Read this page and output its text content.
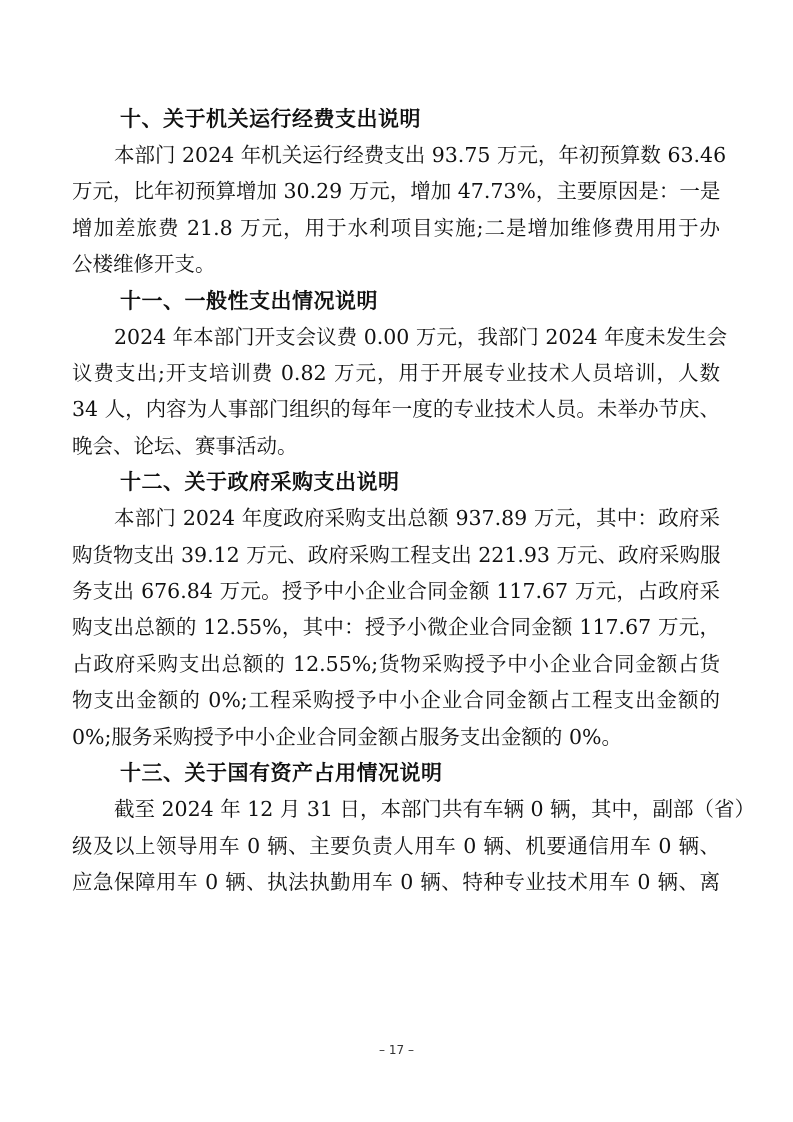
十、关于机关运行经费支出说明

本部门 2024 年机关运行经费支出 93.75 万元，年初预算数 63.46
万元，比年初预算增加 30.29 万元，增加 47.73%，主要原因是：一是
增加差旅费 21.8 万元，用于水利项目实施;二是增加维修费用用于办
公楼维修开支。

十一、一般性支出情况说明

2024 年本部门开支会议费 0.00 万元，我部门 2024 年度未发生会
议费支出;开支培训费 0.82 万元，用于开展专业技术人员培训，人数
34 人，内容为人事部门组织的每年一度的专业技术人员。未举办节庆、
晚会、论坛、赛事活动。

十二、关于政府采购支出说明

本部门 2024 年度政府采购支出总额 937.89 万元，其中：政府采
购货物支出 39.12 万元、政府采购工程支出 221.93 万元、政府采购服
务支出 676.84 万元。授予中小企业合同金额 117.67 万元，占政府采
购支出总额的 12.55%，其中：授予小微企业合同金额 117.67 万元，
占政府采购支出总额的 12.55%;货物采购授予中小企业合同金额占货
物支出金额的 0%;工程采购授予中小企业合同金额占工程支出金额的
0%;服务采购授予中小企业合同金额占服务支出金额的 0%。

十三、关于国有资产占用情况说明

截至 2024 年 12 月 31 日，本部门共有车辆 0 辆，其中，副部（省）
级及以上领导用车 0 辆、主要负责人用车 0 辆、机要通信用车 0 辆、
应急保障用车 0 辆、执法执勤用车 0 辆、特种专业技术用车 0 辆、离

– 17 –
